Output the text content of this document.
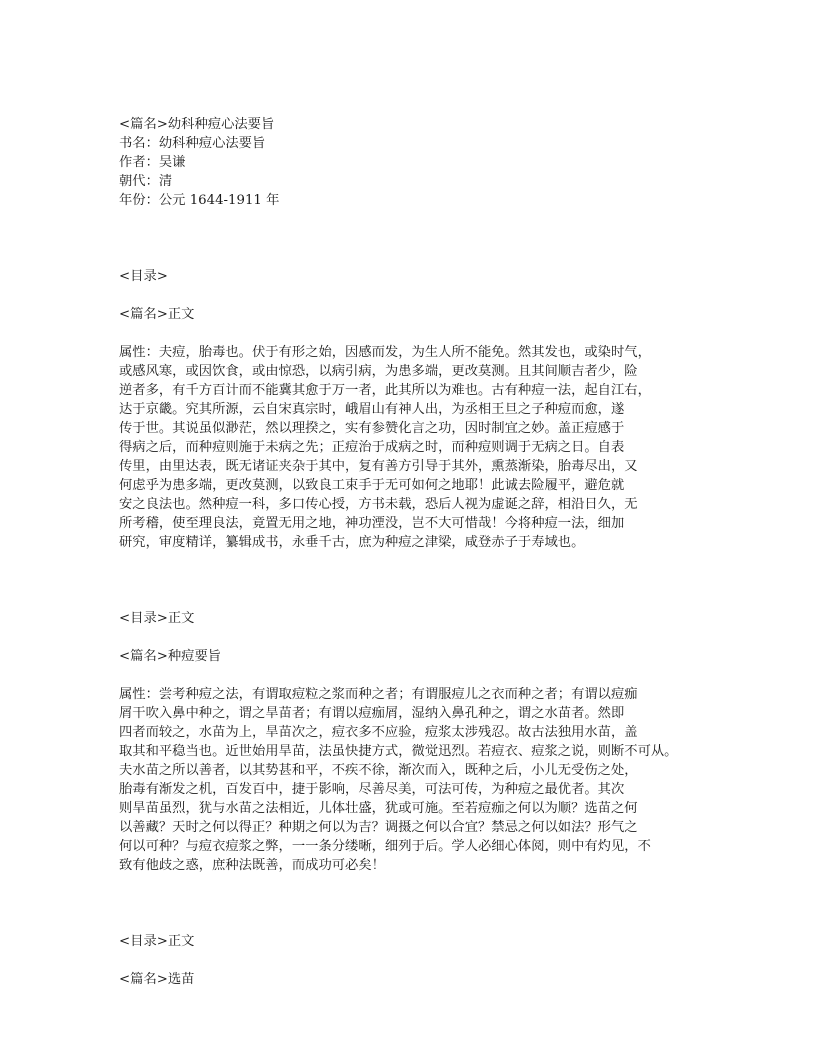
<篇名>幼科种痘心法要旨
书名：幼科种痘心法要旨
作者：吴谦
朝代：清
年份：公元 1644-1911 年
<目录>
<篇名>正文
属性：夫痘，胎毒也。伏于有形之始，因感而发，为生人所不能免。然其发也，或染时气，
或感风寒，或因饮食，或由惊恐，以病引病，为患多端，更改莫测。且其间顺吉者少，险
逆者多，有千方百计而不能冀其愈于万一者，此其所以为难也。古有种痘一法，起自江右，
达于京畿。究其所源，云自宋真宗时，峨眉山有神人出，为丞相王旦之子种痘而愈，遂
传于世。其说虽似渺茫，然以理揆之，实有参赞化言之功，因时制宜之妙。盖正痘感于
得病之后，而种痘则施于未病之先；正痘治于成病之时，而种痘则调于无病之日。自表
传里，由里达表，既无诸证夹杂于其中，复有善方引导于其外，熏蒸渐染，胎毒尽出，又
何虑乎为患多端，更改莫测，以致良工束手于无可如何之地耶！此诚去险履平，避危就
安之良法也。然种痘一科，多口传心授，方书未载，恐后人视为虚诞之辞，相沿日久，无
所考稽，使至理良法，竟置无用之地，神功湮没，岂不大可惜哉！今将种痘一法，细加
研究，审度精详，纂辑成书，永垂千古，庶为种痘之津梁，咸登赤子于寿域也。
<目录>正文
<篇名>种痘要旨
属性：尝考种痘之法，有谓取痘粒之浆而种之者；有谓服痘儿之衣而种之者；有谓以痘痂
屑干吹入鼻中种之，谓之旱苗者；有谓以痘痂屑，湿纳入鼻孔种之，谓之水苗者。然即
四者而较之，水苗为上，旱苗次之，痘衣多不应验，痘浆太涉残忍。故古法独用水苗，盖
取其和平稳当也。近世始用旱苗，法虽快捷方式，微觉迅烈。若痘衣、痘浆之说，则断不可从。
夫水苗之所以善者，以其势甚和平，不疾不徐，渐次而入，既种之后，小儿无受伤之处，
胎毒有渐发之机，百发百中，捷于影响，尽善尽美，可法可传，为种痘之最优者。其次
则旱苗虽烈，犹与水苗之法相近，儿体壮盛，犹或可施。至若痘痂之何以为顺？选苗之何
以善藏？天时之何以得正？种期之何以为吉？调摄之何以合宜？禁忌之何以如法？形气之
何以可种？与痘衣痘浆之弊，一一条分缕晰，细列于后。学人必细心体阅，则中有灼见，不
致有他歧之惑，庶种法既善，而成功可必矣！
<目录>正文
<篇名>选苗
